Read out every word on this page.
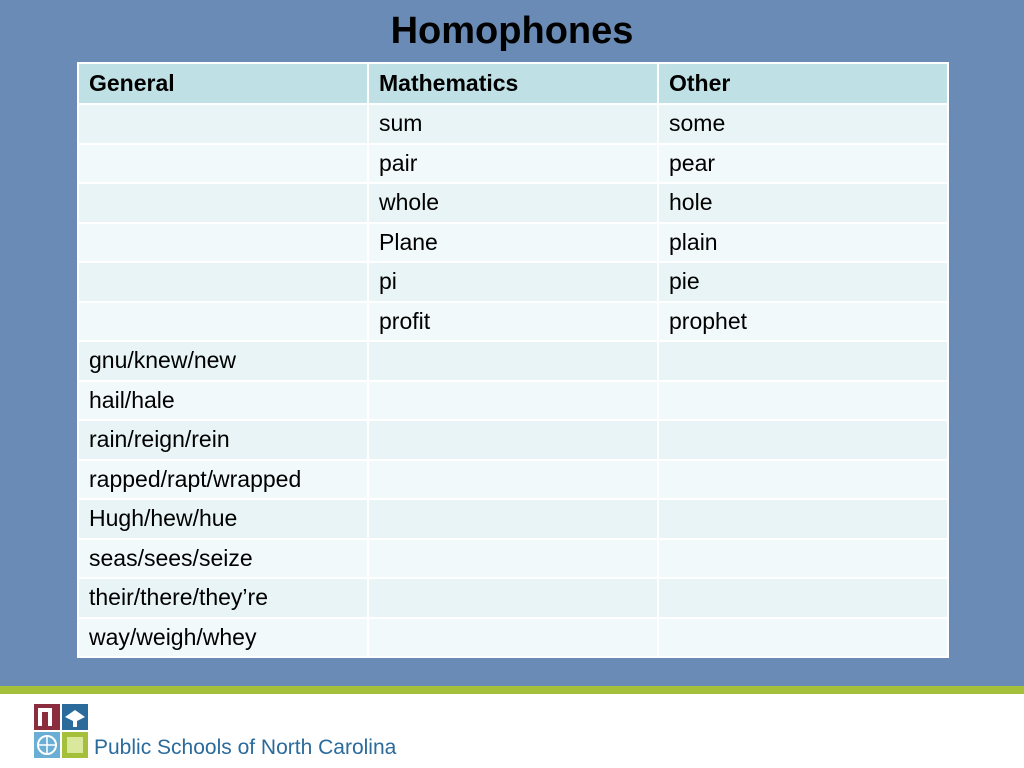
Homophones
General	Mathematics	Other
	sum	some
	pair	pear
	whole	hole
	Plane	plain
	pi	pie
	profit	prophet
gnu/knew/new		
hail/hale		
rain/reign/rein		
rapped/rapt/wrapped		
Hugh/hew/hue		
seas/sees/seize		
their/there/they’re		
way/weigh/whey		
Public Schools of North Carolina
